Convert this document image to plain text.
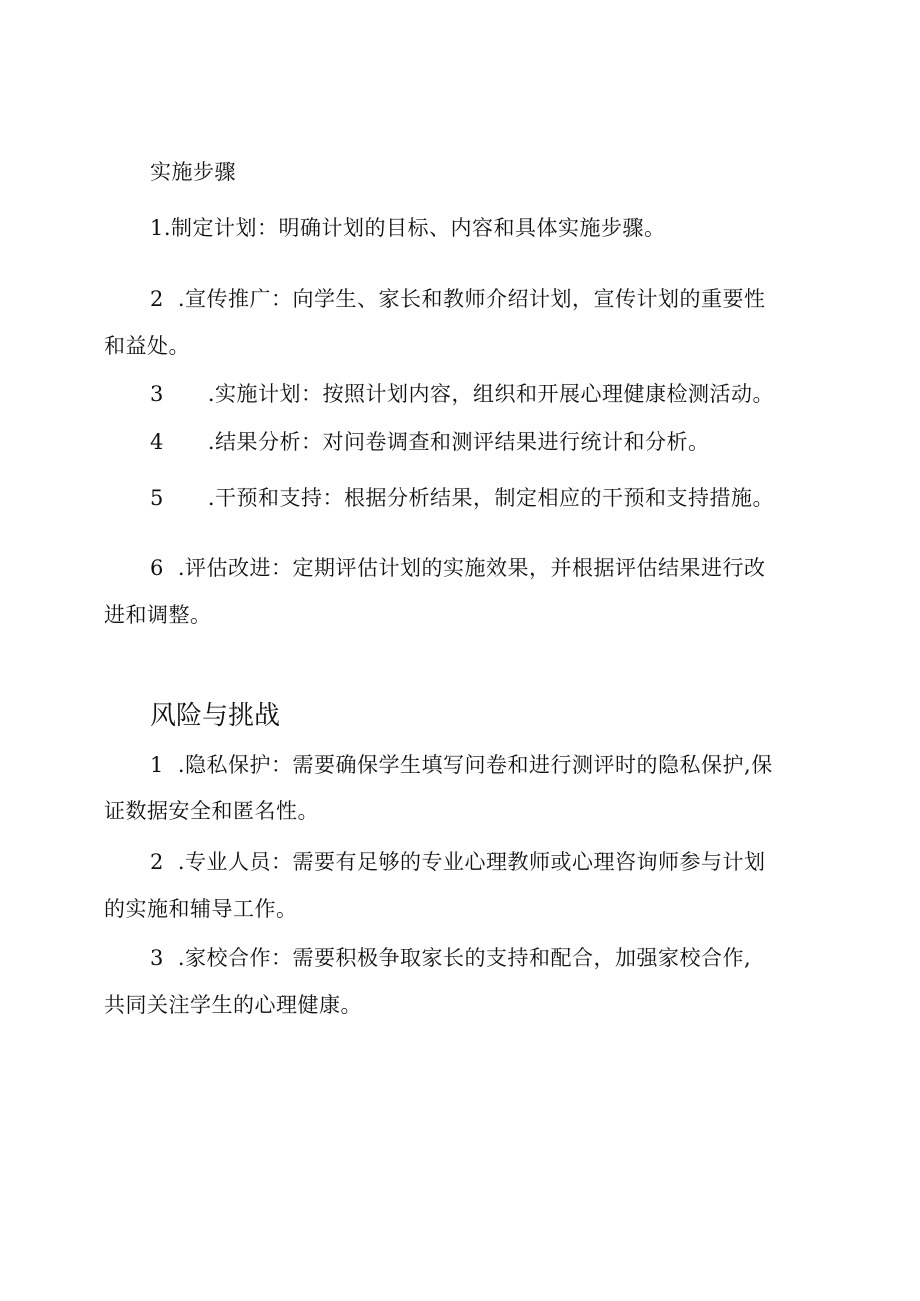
实施步骤
1.制定计划：明确计划的目标、内容和具体实施步骤。
2 .宣传推广：向学生、家长和教师介绍计划，宣传计划的重要性
和益处。
3 .实施计划：按照计划内容，组织和开展心理健康检测活动。
4 .结果分析：对问卷调查和测评结果进行统计和分析。
5 .干预和支持：根据分析结果，制定相应的干预和支持措施。
6 .评估改进：定期评估计划的实施效果，并根据评估结果进行改
进和调整。
风险与挑战
1 .隐私保护：需要确保学生填写问卷和进行测评时的隐私保护,保
证数据安全和匿名性。
2 .专业人员：需要有足够的专业心理教师或心理咨询师参与计划
的实施和辅导工作。
3 .家校合作：需要积极争取家长的支持和配合，加强家校合作,
共同关注学生的心理健康。
